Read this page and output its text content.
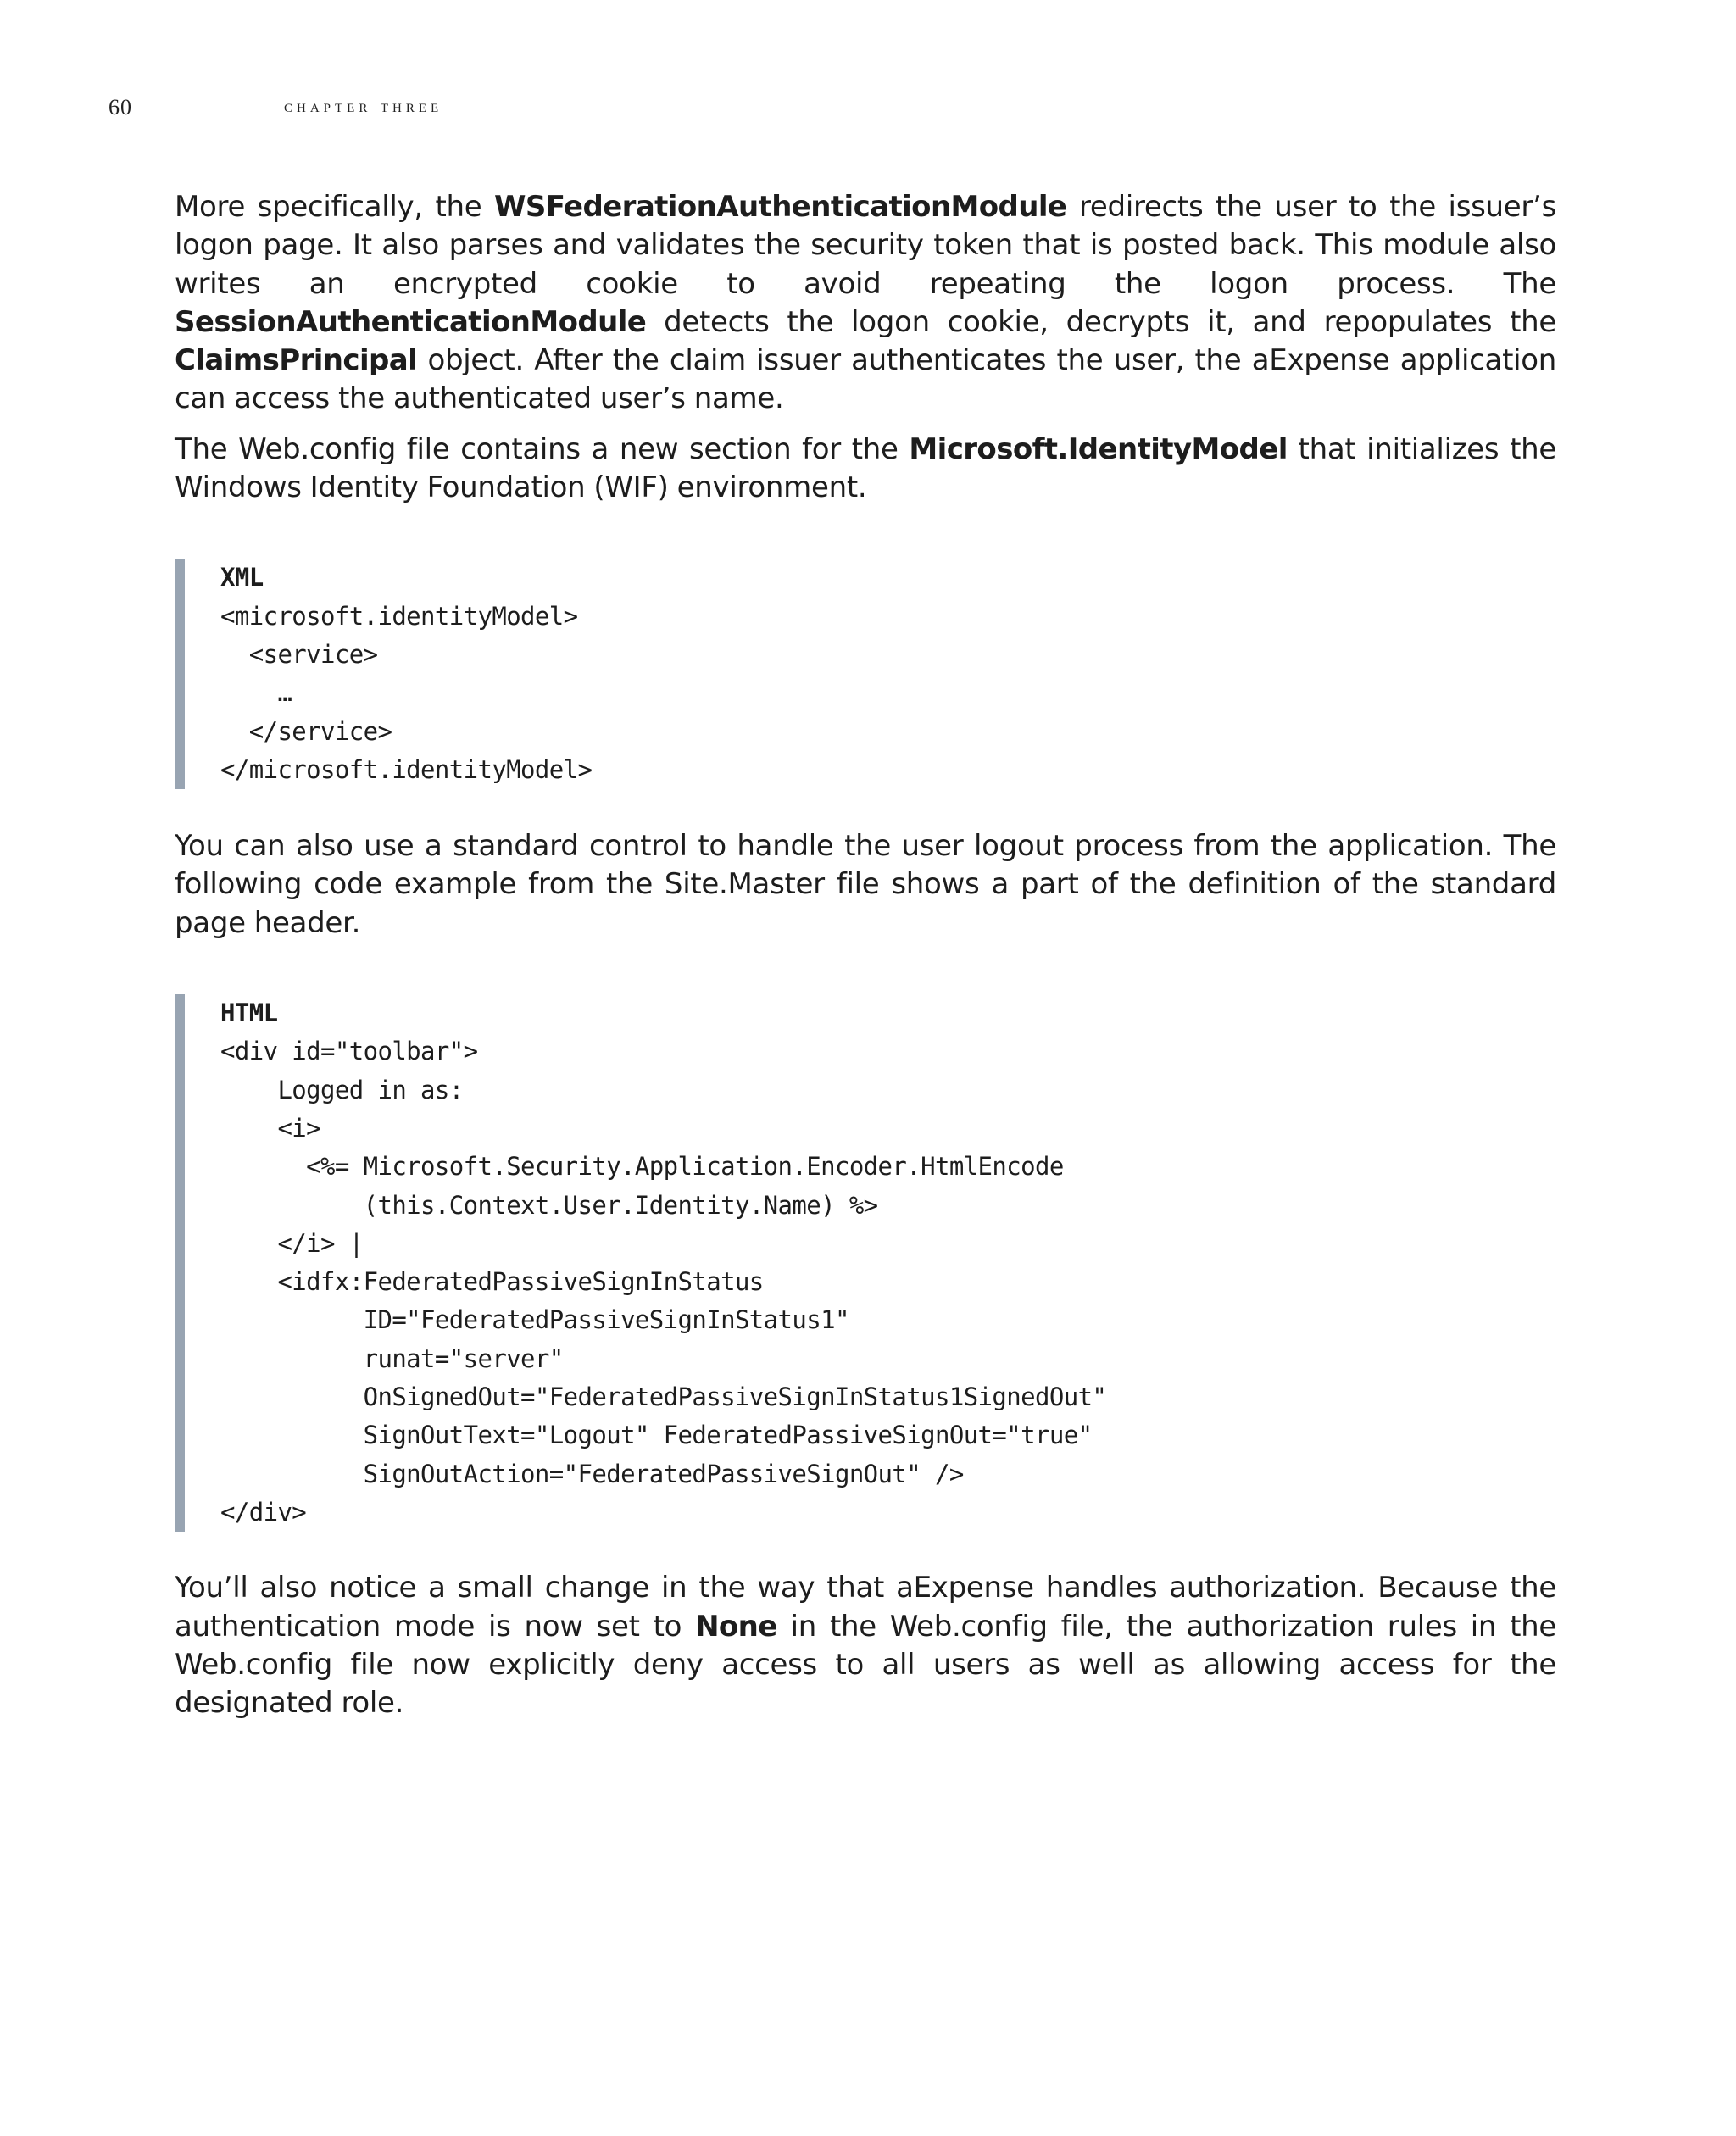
60	chapter three

More specifically, the WSFederationAuthenticationModule redirects the user to the issuer’s logon page. It also parses and validates the security token that is posted back. This module also writes an encrypted cookie to avoid repeating the logon process. The SessionAuthenticationModule detects the logon cookie, decrypts it, and repopulates the ClaimsPrincipal object. After the claim issuer authenticates the user, the aExpense application can access the authenticated user’s name.

The Web.config file contains a new section for the Microsoft.IdentityModel that initializes the Windows Identity Foundation (WIF) environment.

XML
<microsoft.identityModel>
<service>
…
</service>
</microsoft.identityModel>

You can also use a standard control to handle the user logout process from the application. The following code example from the Site.Master file shows a part of the definition of the standard page header.

HTML
<div id="toolbar">
Logged in as:
<i>
<%= Microsoft.Security.Application.Encoder.HtmlEncode
(this.Context.User.Identity.Name) %>
</i> |
<idfx:FederatedPassiveSignInStatus
ID="FederatedPassiveSignInStatus1"
runat="server"
OnSignedOut="FederatedPassiveSignInStatus1SignedOut"
SignOutText="Logout" FederatedPassiveSignOut="true"
SignOutAction="FederatedPassiveSignOut" />
</div>

You’ll also notice a small change in the way that aExpense handles authorization. Because the authentication mode is now set to None in the Web.config file, the authorization rules in the Web.config file now explicitly deny access to all users as well as allowing access for the designated role.
